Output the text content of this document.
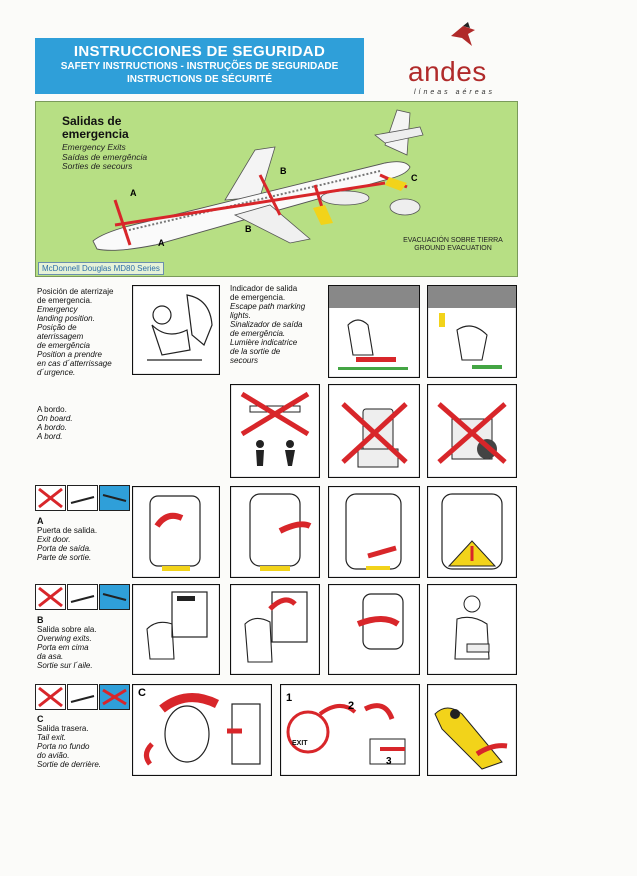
INSTRUCCIONES DE SEGURIDAD
SAFETY INSTRUCTIONS - INSTRUÇÕES DE SEGURIDADE
INSTRUCTIONS DE SÉCURITÉ	andes
líneas aéreas
Salidas de
emergencia
Emergency Exits
Saídas de emergência
Sorties de secours
A
A
B
B
C
EVACUACIÓN SOBRE TIERRA
GROUND EVACUATION
McDonnell Douglas MD80 Series
Posición de aterrizaje
de emergencia.
Emergency
landing position.
Posição de
aterrissagem
de emergência
Position a prendre
en cas d´atterrissage
d´urgence.
Indicador de salida
de emergencia.
Escape path marking
lights.
Sinalizador de saída
de emergência.
Lumière indicatrice
de la sortie de
secours
A bordo.
On board.
A bordo.
A bord.
A
Puerta de salida.
Exit door.
Porta de saída.
Parte de sortie.
B
Salida sobre ala.
Overwing exits.
Porta em cima
da asa.
Sortie sur l´aile.
C
Salida trasera.
Tail exit.
Porta no fundo
do avião.
Sortie de derrière.
C	1
2
3
EXIT
